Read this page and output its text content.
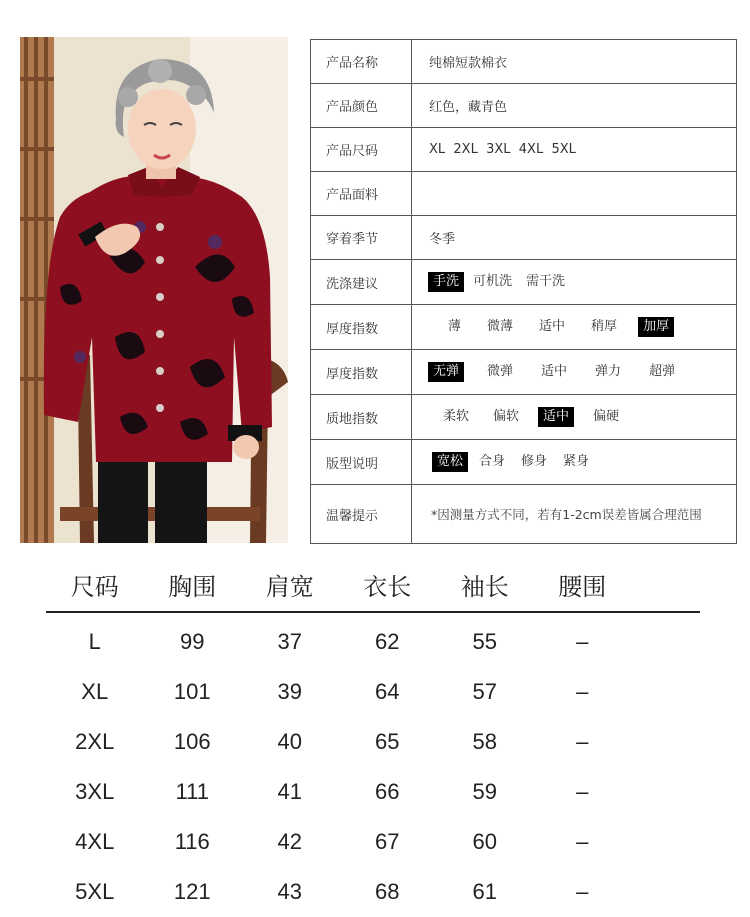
产品名称	纯棉短款棉衣
产品颜色	红色，藏青色
产品尺码	XL  2XL  3XL  4XL  5XL
产品面料
穿着季节	冬季
洗涤建议	手洗	可机洗	需干洗
厚度指数	薄	微薄	适中	稍厚	加厚
厚度指数	无弹	微弹	适中	弹力	超弹
质地指数	柔软	偏软	适中	偏硬
版型说明	宽松	合身	修身	紧身
温馨提示	*因测量方式不同，若有1-2cm误差皆属合理范围
尺码	胸围	肩宽	衣长	袖长	腰围
L	99	37	62	55	–
XL	101	39	64	57	–
2XL	106	40	65	58	–
3XL	111	41	66	59	–
4XL	116	42	67	60	–
5XL	121	43	68	61	–
